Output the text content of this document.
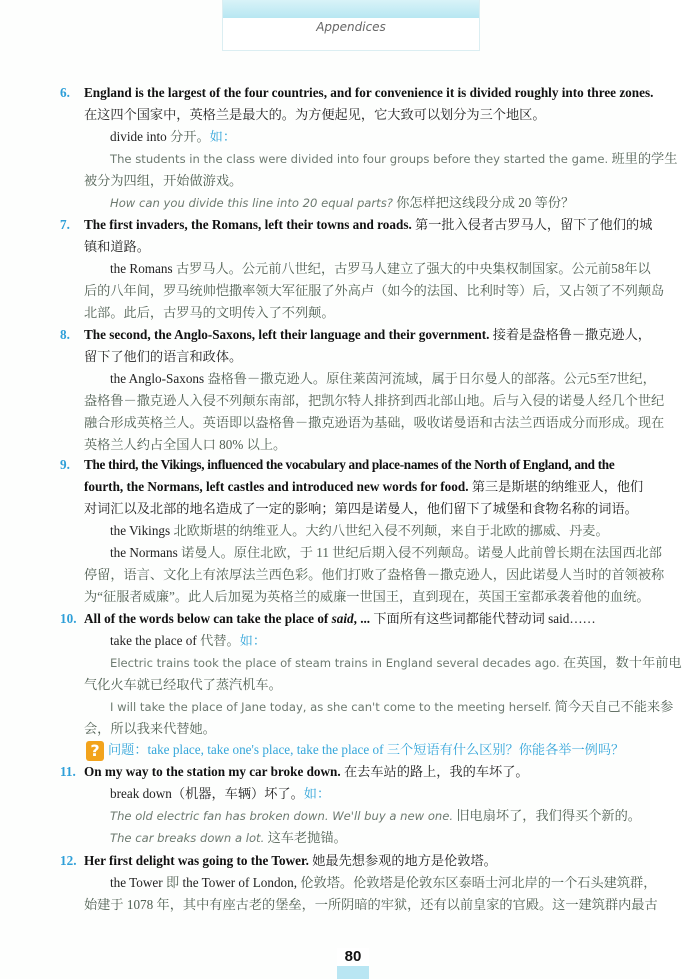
Appendices
6. England is the largest of the four countries, and for convenience it is divided roughly into three zones.
在这四个国家中，英格兰是最大的。为方便起见，它大致可以划分为三个地区。
divide into 分开。如：
The students in the class were divided into four groups before they started the game. 班里的学生
被分为四组，开始做游戏。
How can you divide this line into 20 equal parts? 你怎样把这线段分成 20 等份？
7. The first invaders, the Romans, left their towns and roads. 第一批入侵者古罗马人，留下了他们的城
镇和道路。
the Romans 古罗马人。公元前八世纪，古罗马人建立了强大的中央集权制国家。公元前58年以
后的八年间，罗马统帅恺撒率领大军征服了外高卢（如今的法国、比利时等）后，又占领了不列颠岛
北部。此后，古罗马的文明传入了不列颠。
8. The second, the Anglo-Saxons, left their language and their government. 接着是盎格鲁－撒克逊人，
留下了他们的语言和政体。
the Anglo-Saxons 盎格鲁－撒克逊人。原住莱茵河流域，属于日尔曼人的部落。公元5至7世纪，
盎格鲁－撒克逊人入侵不列颠东南部，把凯尔特人排挤到西北部山地。后与入侵的诺曼人经几个世纪
融合形成英格兰人。英语即以盎格鲁－撒克逊语为基础，吸收诺曼语和古法兰西语成分而形成。现在
英格兰人约占全国人口 80% 以上。
9. The third, the Vikings, influenced the vocabulary and place-names of the North of England, and the
fourth, the Normans, left castles and introduced new words for food. 第三是斯堪的纳维亚人，他们
对词汇以及北部的地名造成了一定的影响；第四是诺曼人，他们留下了城堡和食物名称的词语。
the Vikings 北欧斯堪的纳维亚人。大约八世纪入侵不列颠，来自于北欧的挪威、丹麦。
the Normans 诺曼人。原住北欧，于 11 世纪后期入侵不列颠岛。诺曼人此前曾长期在法国西北部
停留，语言、文化上有浓厚法兰西色彩。他们打败了盎格鲁－撒克逊人，因此诺曼人当时的首领被称
为“征服者威廉”。此人后加冕为英格兰的威廉一世国王，直到现在，英国王室都承袭着他的血统。
10. All of the words below can take the place of said, ... 下面所有这些词都能代替动词 said……
take the place of 代替。如：
Electric trains took the place of steam trains in England several decades ago. 在英国，数十年前电
气化火车就已经取代了蒸汽机车。
I will take the place of Jane today, as she can't come to the meeting herself. 简今天自己不能来参
会，所以我来代替她。
? 问题：take place, take one's place, take the place of 三个短语有什么区别？你能各举一例吗？
11. On my way to the station my car broke down. 在去车站的路上，我的车坏了。
break down（机器，车辆）坏了。如：
The old electric fan has broken down. We'll buy a new one. 旧电扇坏了，我们得买个新的。
The car breaks down a lot. 这车老抛锚。
12. Her first delight was going to the Tower. 她最先想参观的地方是伦敦塔。
the Tower 即 the Tower of London, 伦敦塔。伦敦塔是伦敦东区泰晤士河北岸的一个石头建筑群，
始建于 1078 年，其中有座古老的堡垒，一所阴暗的牢狱，还有以前皇家的官殿。这一建筑群内最古
80
